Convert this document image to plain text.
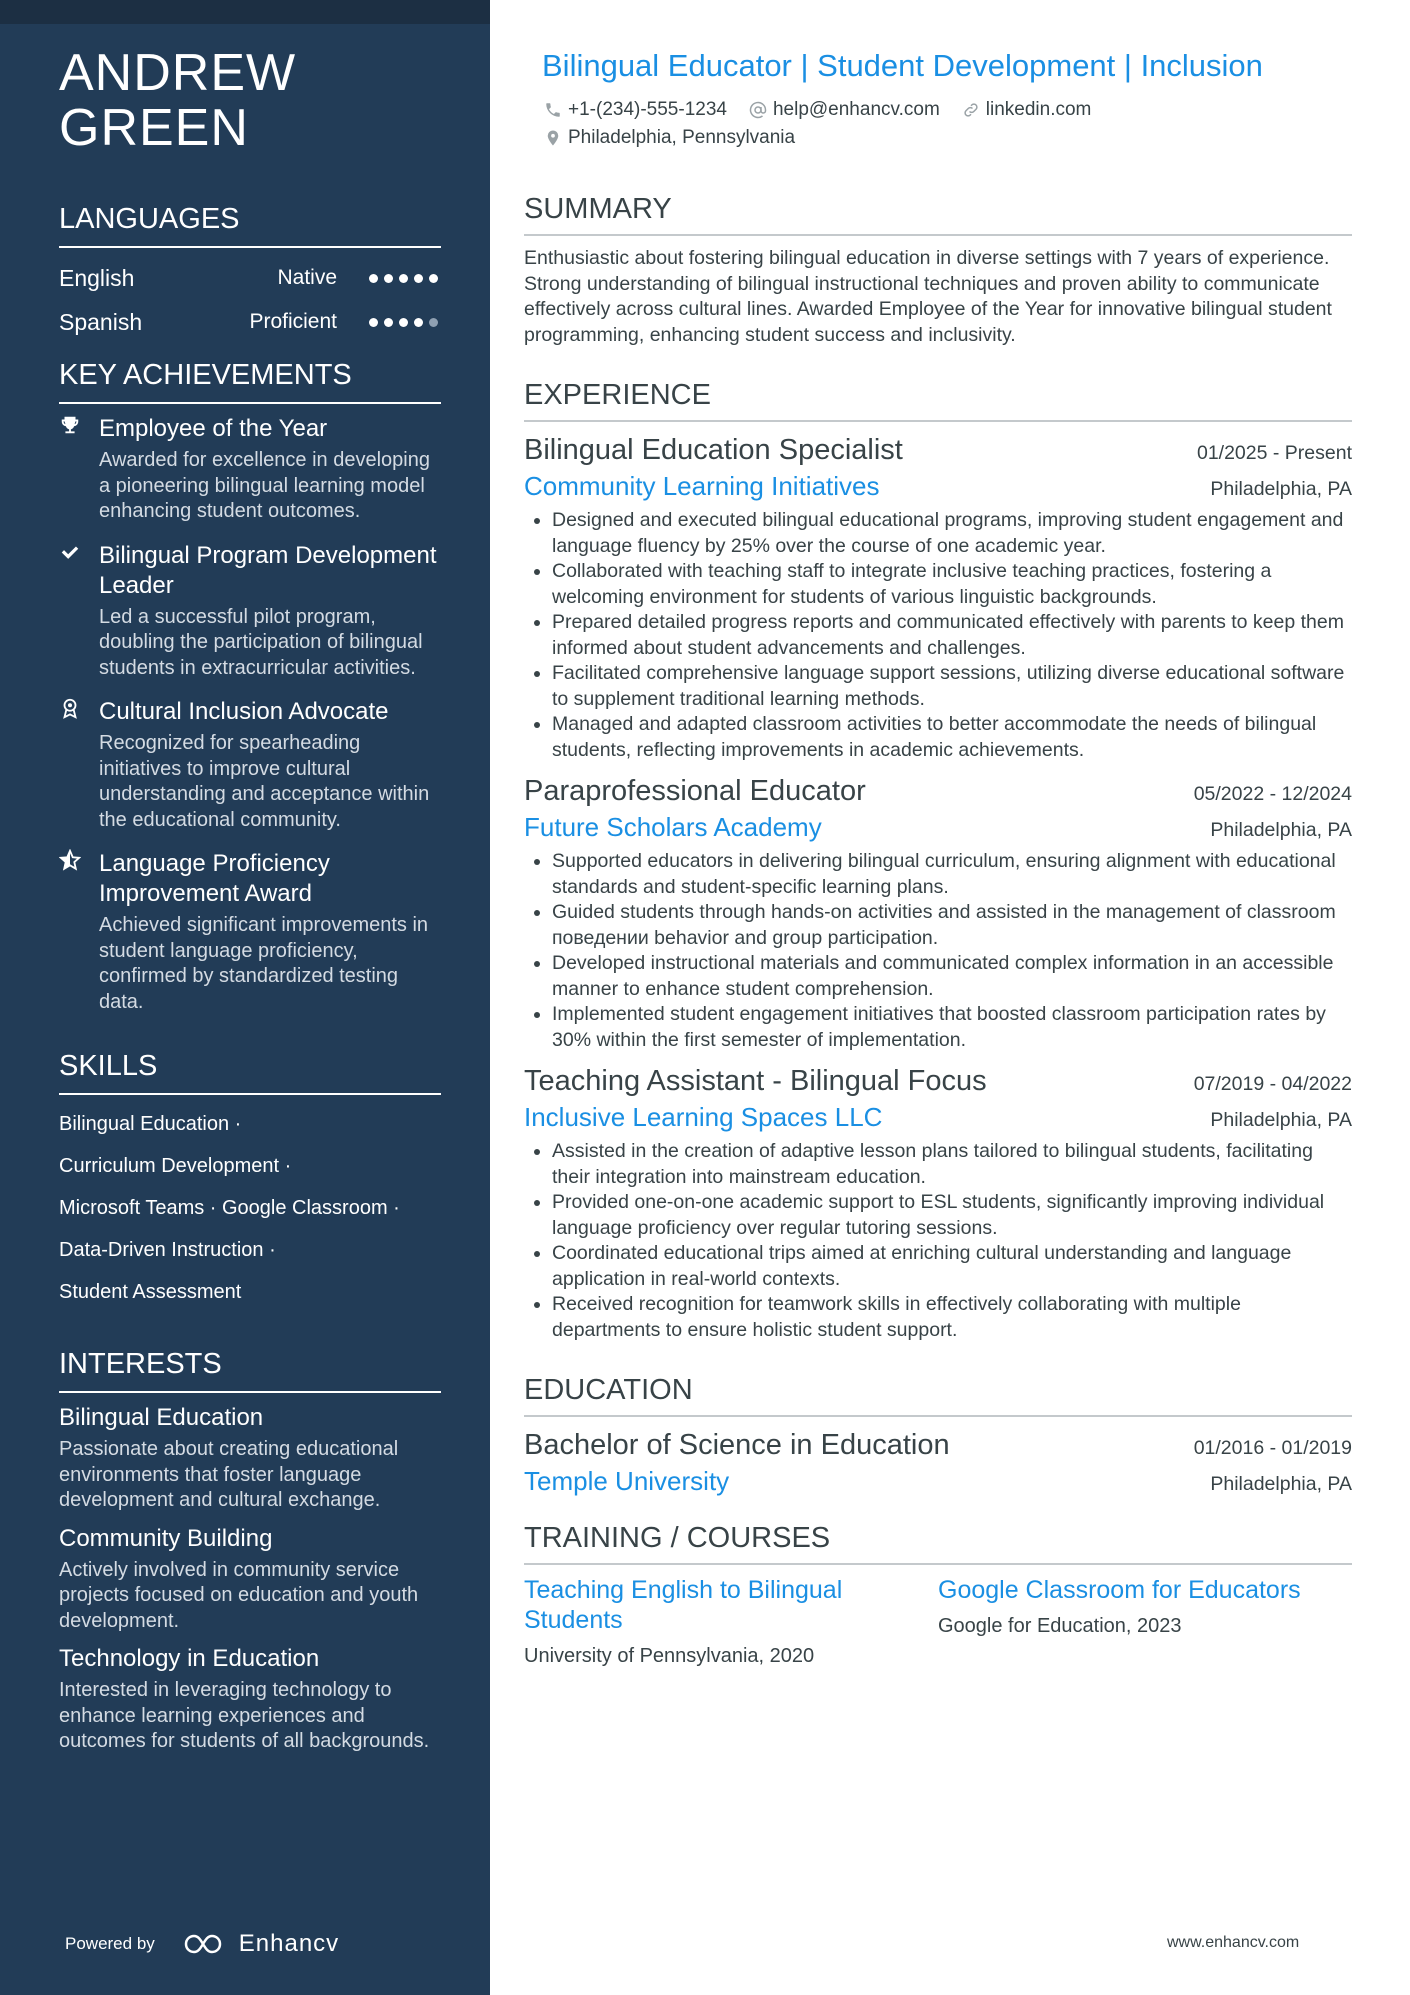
ANDREW
GREEN
LANGUAGES
English	Native
Spanish	Proficient
KEY ACHIEVEMENTS
Employee of the Year
Awarded for excellence in developing a pioneering bilingual learning model enhancing student outcomes.
Bilingual Program Development Leader
Led a successful pilot program, doubling the participation of bilingual students in extracurricular activities.
Cultural Inclusion Advocate
Recognized for spearheading initiatives to improve cultural understanding and acceptance within the educational community.
Language Proficiency Improvement Award
Achieved significant improvements in student language proficiency, confirmed by standardized testing data.
SKILLS
Bilingual Education ·
Curriculum Development ·
Microsoft Teams · Google Classroom ·
Data-Driven Instruction ·
Student Assessment
INTERESTS
Bilingual Education
Passionate about creating educational environments that foster language development and cultural exchange.
Community Building
Actively involved in community service projects focused on education and youth development.
Technology in Education
Interested in leveraging technology to enhance learning experiences and outcomes for students of all backgrounds.
Powered by	Enhancv
Bilingual Educator | Student Development | Inclusion
+1-(234)-555-1234 help@enhancv.com linkedin.com
Philadelphia, Pennsylvania
SUMMARY
Enthusiastic about fostering bilingual education in diverse settings with 7 years of experience. Strong understanding of bilingual instructional techniques and proven ability to communicate effectively across cultural lines. Awarded Employee of the Year for innovative bilingual student programming, enhancing student success and inclusivity.
EXPERIENCE
Bilingual Education Specialist	01/2025 - Present
Community Learning Initiatives	Philadelphia, PA
• Designed and executed bilingual educational programs, improving student engagement and language fluency by 25% over the course of one academic year.
• Collaborated with teaching staff to integrate inclusive teaching practices, fostering a welcoming environment for students of various linguistic backgrounds.
• Prepared detailed progress reports and communicated effectively with parents to keep them informed about student advancements and challenges.
• Facilitated comprehensive language support sessions, utilizing diverse educational software to supplement traditional learning methods.
• Managed and adapted classroom activities to better accommodate the needs of bilingual students, reflecting improvements in academic achievements.
Paraprofessional Educator	05/2022 - 12/2024
Future Scholars Academy	Philadelphia, PA
• Supported educators in delivering bilingual curriculum, ensuring alignment with educational standards and student-specific learning plans.
• Guided students through hands-on activities and assisted in the management of classroom поведении behavior and group participation.
• Developed instructional materials and communicated complex information in an accessible manner to enhance student comprehension.
• Implemented student engagement initiatives that boosted classroom participation rates by 30% within the first semester of implementation.
Teaching Assistant - Bilingual Focus	07/2019 - 04/2022
Inclusive Learning Spaces LLC	Philadelphia, PA
• Assisted in the creation of adaptive lesson plans tailored to bilingual students, facilitating their integration into mainstream education.
• Provided one-on-one academic support to ESL students, significantly improving individual language proficiency over regular tutoring sessions.
• Coordinated educational trips aimed at enriching cultural understanding and language application in real-world contexts.
• Received recognition for teamwork skills in effectively collaborating with multiple departments to ensure holistic student support.
EDUCATION
Bachelor of Science in Education	01/2016 - 01/2019
Temple University	Philadelphia, PA
TRAINING / COURSES
Teaching English to Bilingual Students
University of Pennsylvania, 2020
Google Classroom for Educators
Google for Education, 2023
www.enhancv.com
